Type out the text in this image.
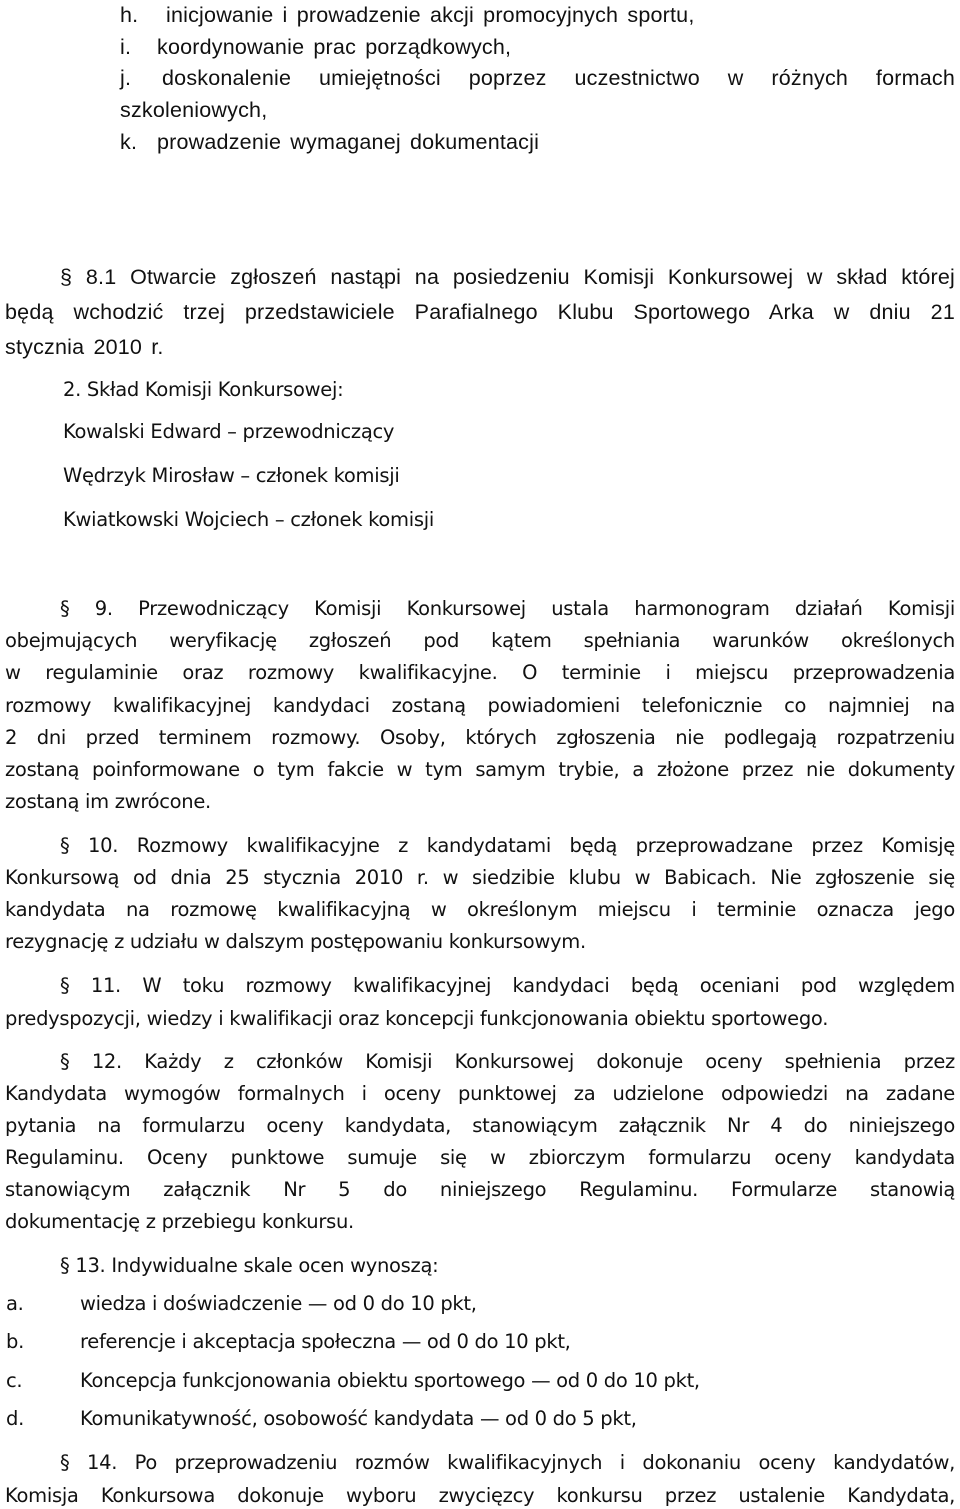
h. inicjowanie i prowadzenie akcji promocyjnych sportu,
i. koordynowanie prac porządkowych,
j. doskonalenie umiejętności poprzez uczestnictwo w różnych formach
szkoleniowych,
k. prowadzenie wymaganej dokumentacji
§ 8.1 Otwarcie zgłoszeń nastąpi na posiedzeniu Komisji Konkursowej w skład której
będą wchodzić trzej przedstawiciele Parafialnego Klubu Sportowego Arka w dniu 21
stycznia 2010 r.
2. Skład Komisji Konkursowej:
Kowalski Edward – przewodniczący
Wędrzyk Mirosław – członek komisji
Kwiatkowski Wojciech – członek komisji
§ 9. Przewodniczący Komisji Konkursowej ustala harmonogram działań Komisji
obejmujących weryfikację zgłoszeń pod kątem spełniania warunków określonych
w regulaminie oraz rozmowy kwalifikacyjne. O terminie i miejscu przeprowadzenia
rozmowy kwalifikacyjnej kandydaci zostaną powiadomieni telefonicznie co najmniej na
2 dni przed terminem rozmowy. Osoby, których zgłoszenia nie podlegają rozpatrzeniu
zostaną poinformowane o tym fakcie w tym samym trybie, a złożone przez nie dokumenty
zostaną im zwrócone.
§ 10. Rozmowy kwalifikacyjne z kandydatami będą przeprowadzane przez Komisję
Konkursową od dnia 25 stycznia 2010 r. w siedzibie klubu w Babicach. Nie zgłoszenie się
kandydata na rozmowę kwalifikacyjną w określonym miejscu i terminie oznacza jego
rezygnację z udziału w dalszym postępowaniu konkursowym.
§ 11. W toku rozmowy kwalifikacyjnej kandydaci będą oceniani pod względem
predyspozycji, wiedzy i kwalifikacji oraz koncepcji funkcjonowania obiektu sportowego.
§ 12. Każdy z członków Komisji Konkursowej dokonuje oceny spełnienia przez
Kandydata wymogów formalnych i oceny punktowej za udzielone odpowiedzi na zadane
pytania na formularzu oceny kandydata, stanowiącym załącznik Nr 4 do niniejszego
Regulaminu. Oceny punktowe sumuje się w zbiorczym formularzu oceny kandydata
stanowiącym załącznik Nr 5 do niniejszego Regulaminu. Formularze stanowią
dokumentację z przebiegu konkursu.
§ 13. Indywidualne skale ocen wynoszą:
a.	wiedza i doświadczenie — od 0 do 10 pkt,
b.	referencje i akceptacja społeczna — od 0 do 10 pkt,
c.	Koncepcja funkcjonowania obiektu sportowego — od 0 do 10 pkt,
d.	Komunikatywność, osobowość kandydata — od 0 do 5 pkt,
§ 14. Po przeprowadzeniu rozmów kwalifikacyjnych i dokonaniu oceny kandydatów,
Komisja Konkursowa dokonuje wyboru zwycięzcy konkursu przez ustalenie Kandydata,
